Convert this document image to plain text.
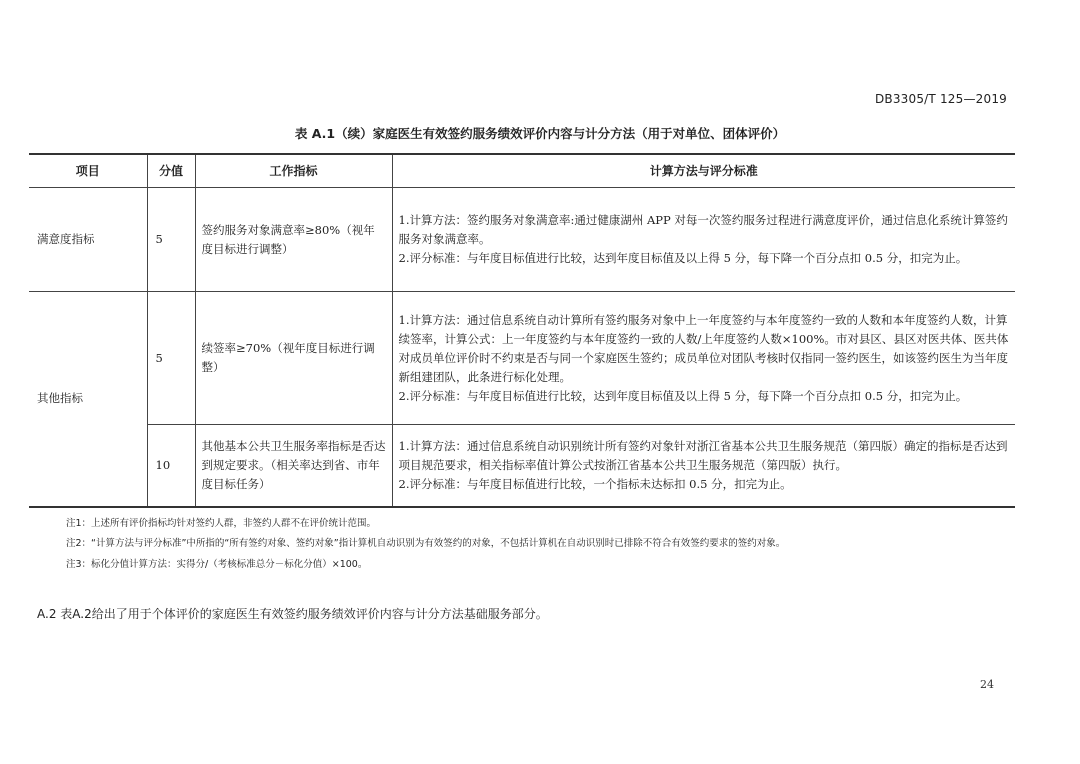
DB3305/T 125—2019
表 A.1（续）家庭医生有效签约服务绩效评价内容与计分方法（用于对单位、团体评价）
项目	分值	工作指标	计算方法与评分标准
满意度指标	5	签约服务对象满意率≥80%（视年度目标进行调整）	1.计算方法：签约服务对象满意率:通过健康湖州 APP 对每一次签约服务过程进行满意度评价，通过信息化系统计算签约服务对象满意率。
2.评分标准：与年度目标值进行比较，达到年度目标值及以上得 5 分，每下降一个百分点扣 0.5 分，扣完为止。

其他指标	5	续签率≥70%（视年度目标进行调整）	1.计算方法：通过信息系统自动计算所有签约服务对象中上一年度签约与本年度签约一致的人数和本年度签约人数，计算续签率，计算公式：上一年度签约与本年度签约一致的人数/上年度签约人数×100%。市对县区、县区对医共体、医共体对成员单位评价时不约束是否与同一个家庭医生签约；成员单位对团队考核时仅指同一签约医生，如该签约医生为当年度新组建团队，此条进行标化处理。
2.评分标准：与年度目标值进行比较，达到年度目标值及以上得 5 分，每下降一个百分点扣 0.5 分，扣完为止。

	10	其他基本公共卫生服务率指标是否达到规定要求。（相关率达到省、市年度目标任务）	1.计算方法：通过信息系统自动识别统计所有签约对象针对浙江省基本公共卫生服务规范（第四版）确定的指标是否达到项目规范要求，相关指标率值计算公式按浙江省基本公共卫生服务规范（第四版）执行。
2.评分标准：与年度目标值进行比较，一个指标未达标扣 0.5 分，扣完为止。
注1：上述所有评价指标均针对签约人群，非签约人群不在评价统计范围。
注2：“计算方法与评分标准”中所指的“所有签约对象、签约对象”指计算机自动识别为有效签约的对象，不包括计算机在自动识别时已排除不符合有效签约要求的签约对象。
注3：标化分值计算方法：实得分/（考核标准总分－标化分值）×100。
A.2 表A.2给出了用于个体评价的家庭医生有效签约服务绩效评价内容与计分方法基础服务部分。
24
